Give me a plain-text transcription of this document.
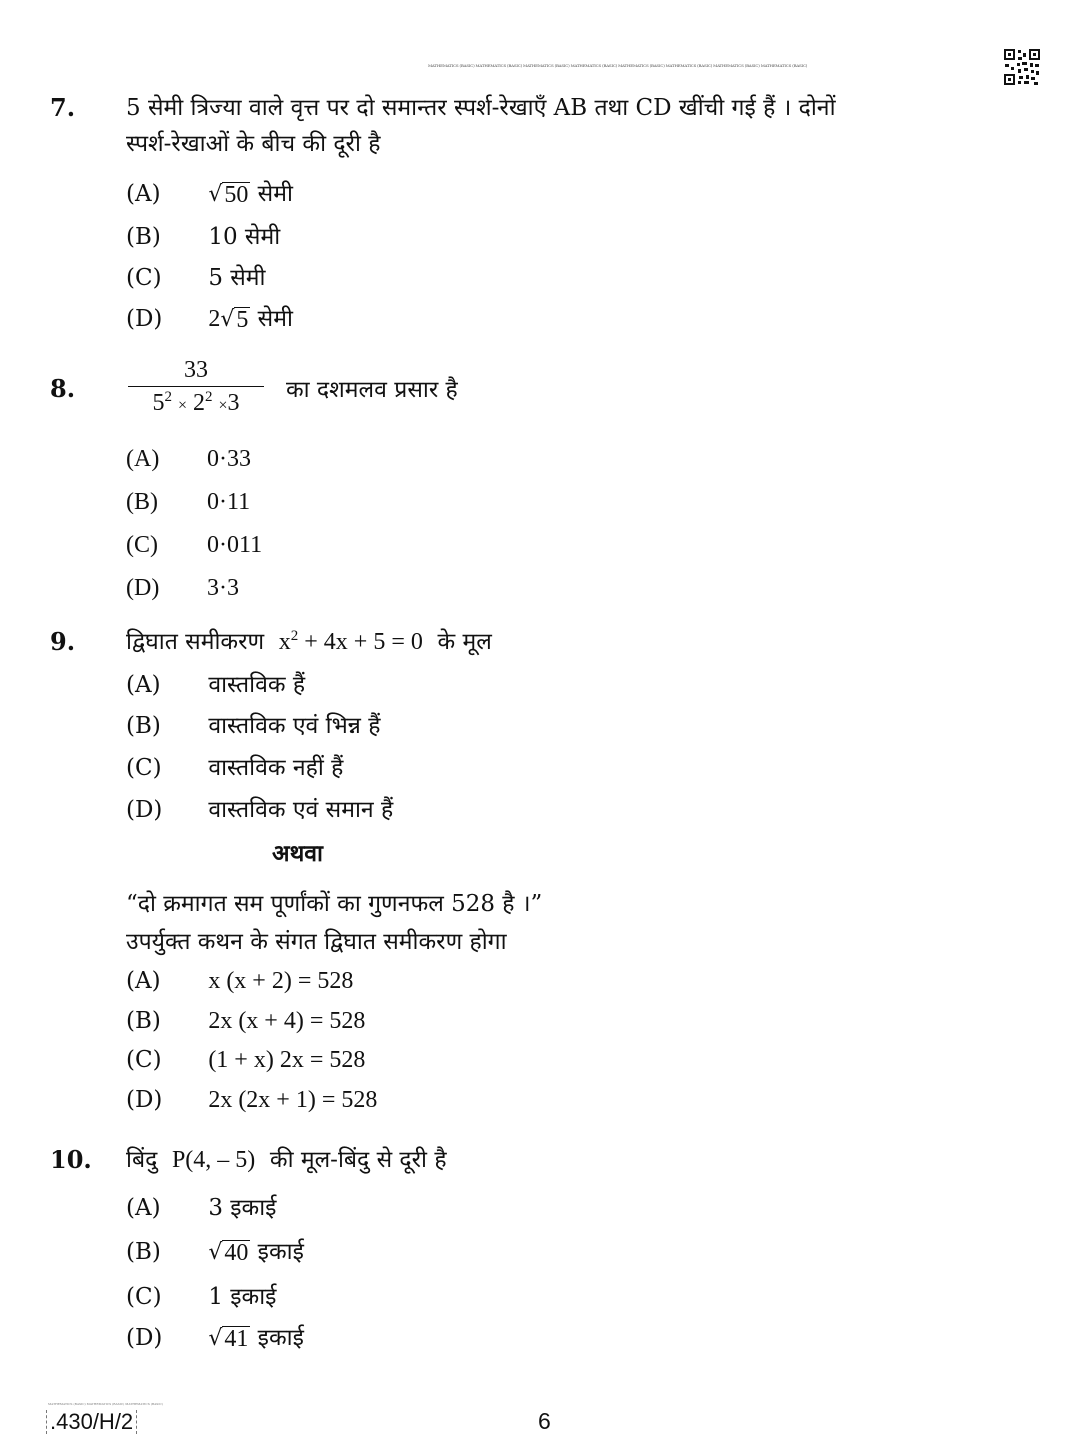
MATHEMATICS (BASIC) MATHEMATICS (BASIC) MATHEMATICS (BASIC) MATHEMATICS (BASIC) MATHEMATICS (BASIC) MATHEMATICS (BASIC) MATHEMATICS (BASIC) MATHEMATICS (BASIC)
7. 5 सेमी त्रिज्या वाले वृत्त पर दो समान्तर स्पर्श-रेखाएँ AB तथा CD खींची गई हैं । दोनों
स्पर्श-रेखाओं के बीच की दूरी है
(A) √ 50 सेमी
(B) 10 सेमी
(C) 5 सेमी
(D) 2 √ 5 सेमी
8. $\frac{33}{5^2 \times 2^2 \times 3}$ का दशमलव प्रसार है
(A) 0·33
(B) 0·11
(C) 0·011
(D) 3·3
9. द्विघात समीकरण $x^2 + 4x + 5 = 0$ के मूल
(A) वास्तविक हैं
(B) वास्तविक एवं भिन्न हैं
(C) वास्तविक नहीं हैं
(D) वास्तविक एवं समान हैं
अथवा
“दो क्रमागत सम पूर्णांकों का गुणनफल 528 है ।”
उपर्युक्त कथन के संगत द्विघात समीकरण होगा
(A) x (x + 2) = 528
(B) 2x (x + 4) = 528
(C) (1 + x) 2x = 528
(D) 2x (2x + 1) = 528
10. बिंदु P(4, – 5) की मूल-बिंदु से दूरी है
(A) 3 इकाई
(B) √ 40 इकाई
(C) 1 इकाई
(D) √ 41 इकाई
MATHEMATICS (BASIC) MATHEMATICS (BASIC) MATHEMATICS (BASIC)
.430/H/2	6
